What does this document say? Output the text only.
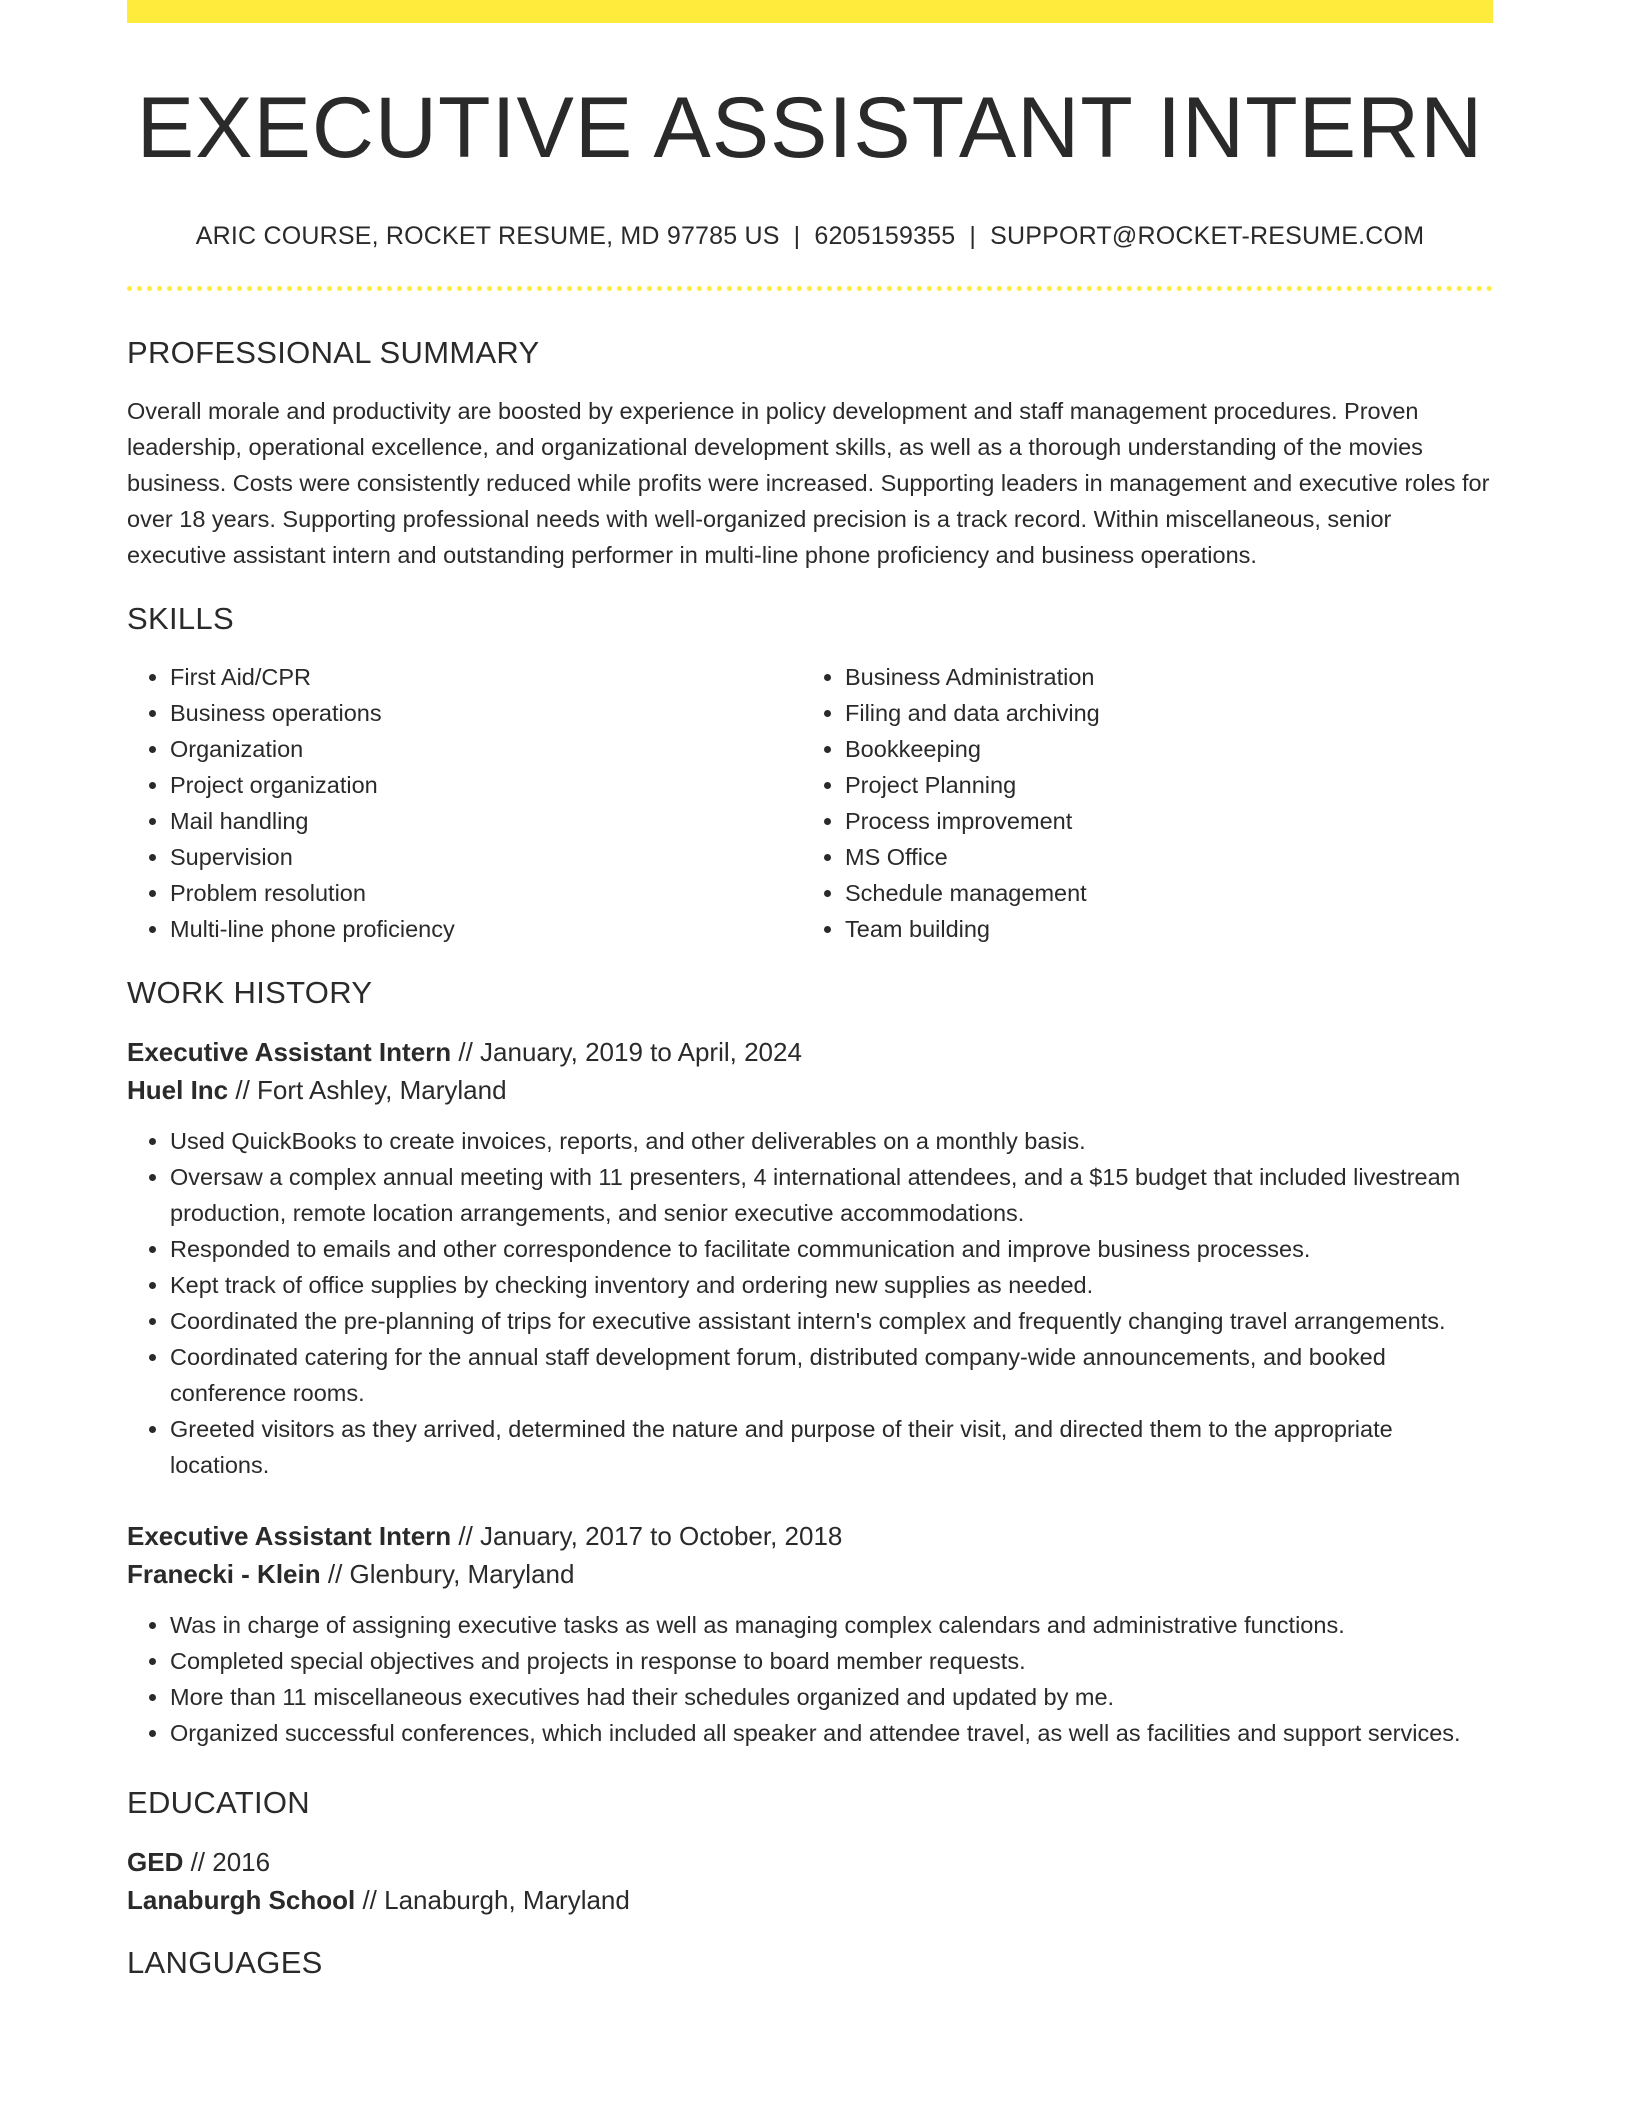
EXECUTIVE ASSISTANT INTERN
ARIC COURSE, ROCKET RESUME, MD 97785 US | 6205159355 | SUPPORT@ROCKET-RESUME.COM
PROFESSIONAL SUMMARY
Overall morale and productivity are boosted by experience in policy development and staff management procedures. Proven leadership, operational excellence, and organizational development skills, as well as a thorough understanding of the movies business. Costs were consistently reduced while profits were increased. Supporting leaders in management and executive roles for over 18 years. Supporting professional needs with well-organized precision is a track record. Within miscellaneous, senior executive assistant intern and outstanding performer in multi-line phone proficiency and business operations.
SKILLS
• First Aid/CPR
• Business operations
• Organization
• Project organization
• Mail handling
• Supervision
• Problem resolution
• Multi-line phone proficiency
• Business Administration
• Filing and data archiving
• Bookkeeping
• Project Planning
• Process improvement
• MS Office
• Schedule management
• Team building
WORK HISTORY
Executive Assistant Intern // January, 2019 to April, 2024
Huel Inc // Fort Ashley, Maryland
• Used QuickBooks to create invoices, reports, and other deliverables on a monthly basis.
• Oversaw a complex annual meeting with 11 presenters, 4 international attendees, and a $15 budget that included livestream production, remote location arrangements, and senior executive accommodations.
• Responded to emails and other correspondence to facilitate communication and improve business processes.
• Kept track of office supplies by checking inventory and ordering new supplies as needed.
• Coordinated the pre-planning of trips for executive assistant intern's complex and frequently changing travel arrangements.
• Coordinated catering for the annual staff development forum, distributed company-wide announcements, and booked conference rooms.
• Greeted visitors as they arrived, determined the nature and purpose of their visit, and directed them to the appropriate locations.
Executive Assistant Intern // January, 2017 to October, 2018
Franecki - Klein // Glenbury, Maryland
• Was in charge of assigning executive tasks as well as managing complex calendars and administrative functions.
• Completed special objectives and projects in response to board member requests.
• More than 11 miscellaneous executives had their schedules organized and updated by me.
• Organized successful conferences, which included all speaker and attendee travel, as well as facilities and support services.
EDUCATION
GED // 2016
Lanaburgh School // Lanaburgh, Maryland
LANGUAGES
